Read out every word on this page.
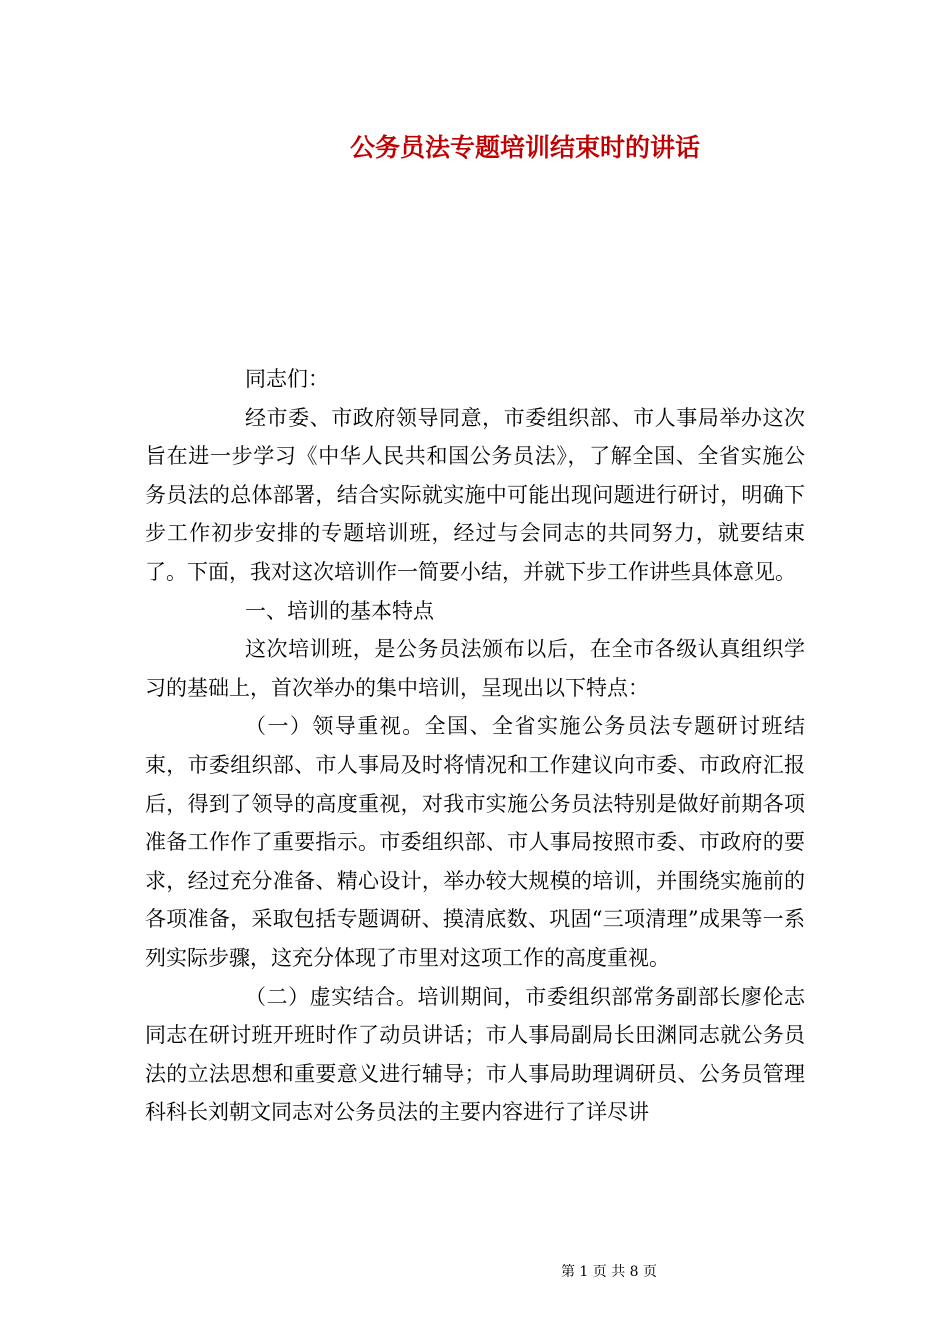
公务员法专题培训结束时的讲话

同志们：

经市委、市政府领导同意，市委组织部、市人事局举办这次旨在进一步学习《中华人民共和国公务员法》，了解全国、全省实施公务员法的总体部署，结合实际就实施中可能出现问题进行研讨，明确下步工作初步安排的专题培训班，经过与会同志的共同努力，就要结束了。下面，我对这次培训作一简要小结，并就下步工作讲些具体意见。

一、培训的基本特点

这次培训班，是公务员法颁布以后，在全市各级认真组织学习的基础上，首次举办的集中培训，呈现出以下特点：

（一）领导重视。全国、全省实施公务员法专题研讨班结束，市委组织部、市人事局及时将情况和工作建议向市委、市政府汇报后，得到了领导的高度重视，对我市实施公务员法特别是做好前期各项准备工作作了重要指示。市委组织部、市人事局按照市委、市政府的要求，经过充分准备、精心设计，举办较大规模的培训，并围绕实施前的各项准备，采取包括专题调研、摸清底数、巩固“三项清理”成果等一系列实际步骤，这充分体现了市里对这项工作的高度重视。

（二）虚实结合。培训期间，市委组织部常务副部长廖伦志同志在研讨班开班时作了动员讲话；市人事局副局长田渊同志就公务员法的立法思想和重要意义进行辅导；市人事局助理调研员、公务员管理科科长刘朝文同志对公务员法的主要内容进行了详尽讲

第 1 页 共 8 页
